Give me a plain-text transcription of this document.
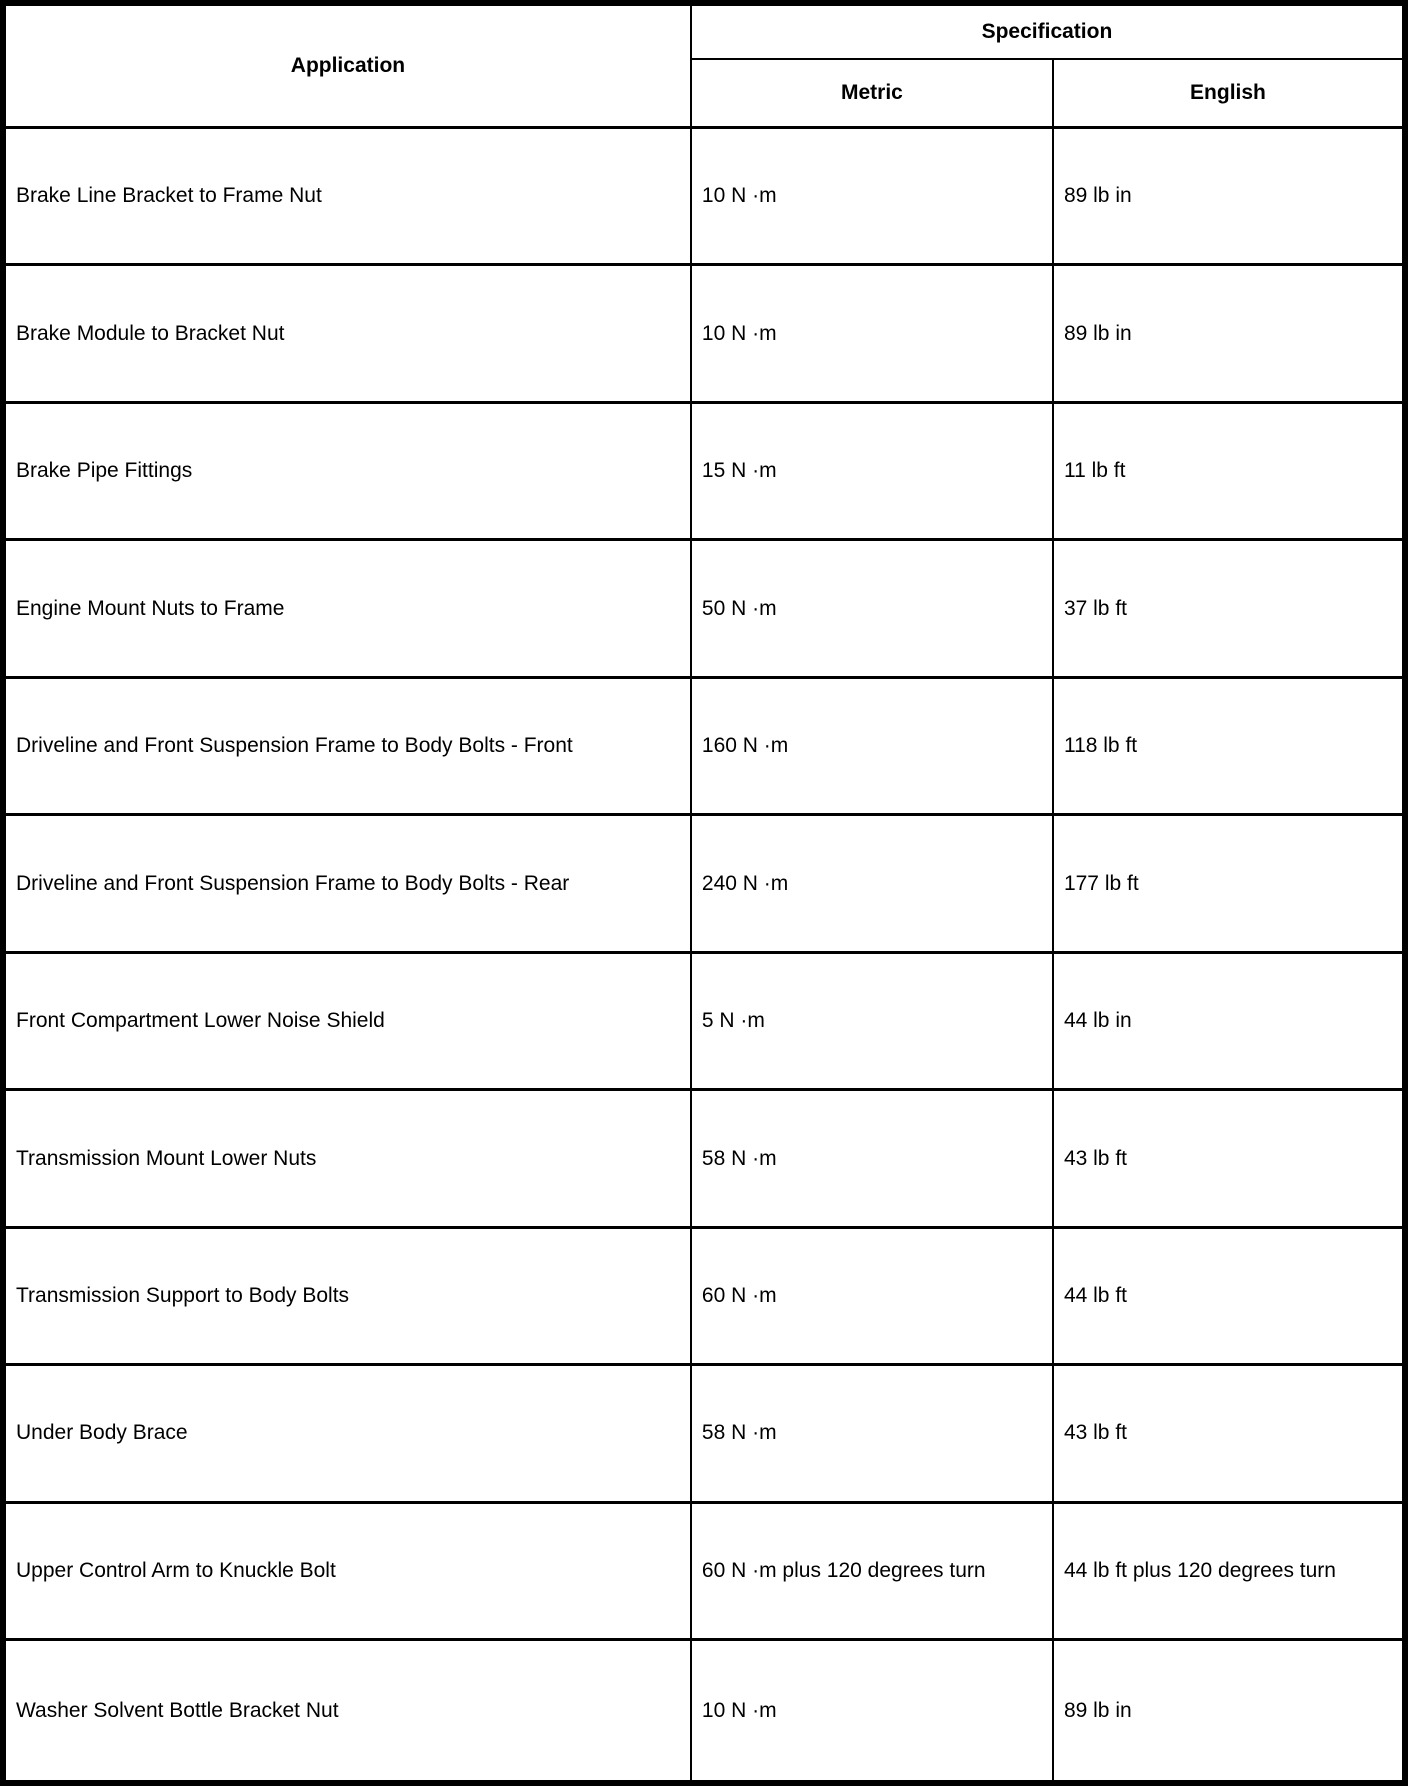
Application	Specification	
	Metric	English
Brake Line Bracket to Frame Nut	10 N ·m	89 lb in
Brake Module to Bracket Nut	10 N ·m	89 lb in
Brake Pipe Fittings	15 N ·m	11 lb ft
Engine Mount Nuts to Frame	50 N ·m	37 lb ft
Driveline and Front Suspension Frame to Body Bolts - Front	160 N ·m	118 lb ft
Driveline and Front Suspension Frame to Body Bolts - Rear	240 N ·m	177 lb ft
Front Compartment Lower Noise Shield	5 N ·m	44 lb in
Transmission Mount Lower Nuts	58 N ·m	43 lb ft
Transmission Support to Body Bolts	60 N ·m	44 lb ft
Under Body Brace	58 N ·m	43 lb ft
Upper Control Arm to Knuckle Bolt	60 N ·m plus 120 degrees turn	44 lb ft plus 120 degrees turn
Washer Solvent Bottle Bracket Nut	10 N ·m	89 lb in
